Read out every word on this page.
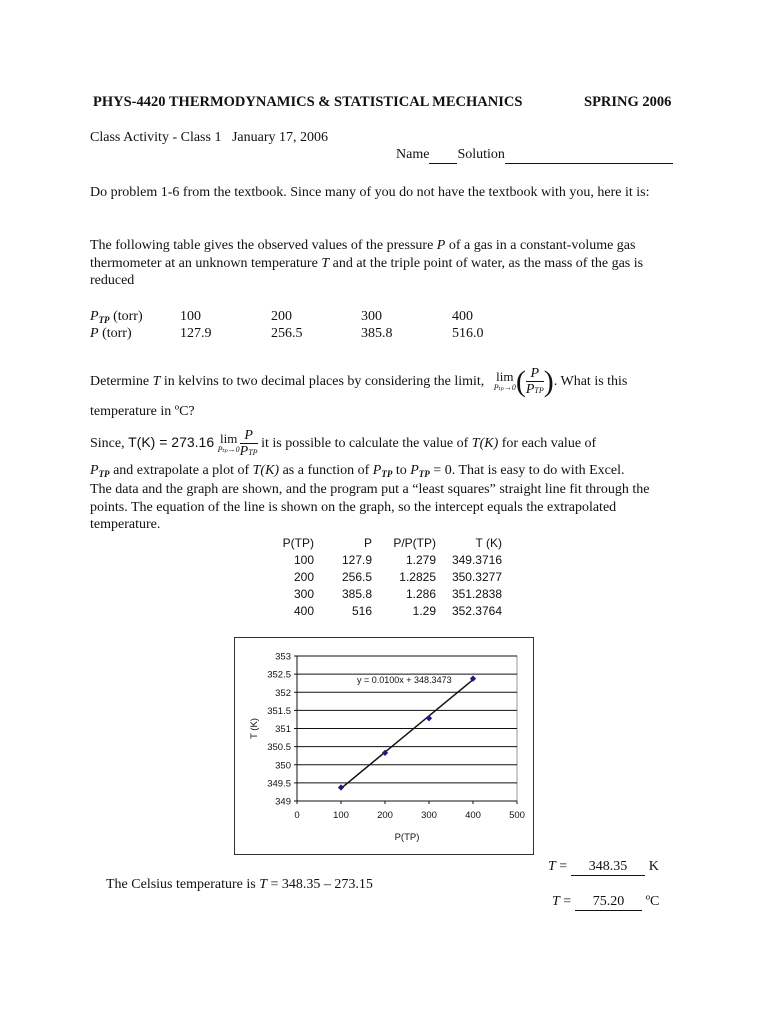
PHYS-4420 THERMODYNAMICS & STATISTICAL MECHANICS	SPRING 2006
Class Activity - Class 1 January 17, 2006
Name Solution
Do problem 1-6 from the textbook. Since many of you do not have the textbook with you, here it is:
The following table gives the observed values of the pressure P of a gas in a constant-volume gas thermometer at an unknown temperature T and at the triple point of water, as the mass of the gas is reduced
$P_{TP}$ (torr)	100	200	300	400
P (torr)	127.9	256.5	385.8	516.0
Determine T in kelvins to two decimal places by considering the limit, lim
Pₜₚ→0 ( $\frac{P}{\text{PTP}}$ ). What is this
temperature in ºC?
Since, T(K) = 273.16 lim
$P_{tp}\to 0 \frac{P}{\text{PTP}}$ it is possible to calculate the value of T(K) for each value of
$P_{TP}$ and extrapolate a plot of T(K) as a function of $P_{TP}$ to $P_{TP} = 0$. That is easy to do with Excel.
The data and the graph are shown, and the program put a “least squares” straight line fit through the points. The equation of the line is shown on the graph, so the intercept equals the extrapolated temperature.
P(TP)	P	P/P(TP)	T (K)
100	127.9	1.279	349.3716
200	256.5	1.2825	350.3277
300	385.8	1.286	351.2838
400	516	1.29	352.3764
349
349.5
350
350.5
351
351.5
352
352.5
353
0	100	200	300	400	500
P(TP)
T (K)
y = 0.0100x + 348.3473
T = 348.35 K
The Celsius temperature is T = 348.35 – 273.15
T = 75.20 ºC
